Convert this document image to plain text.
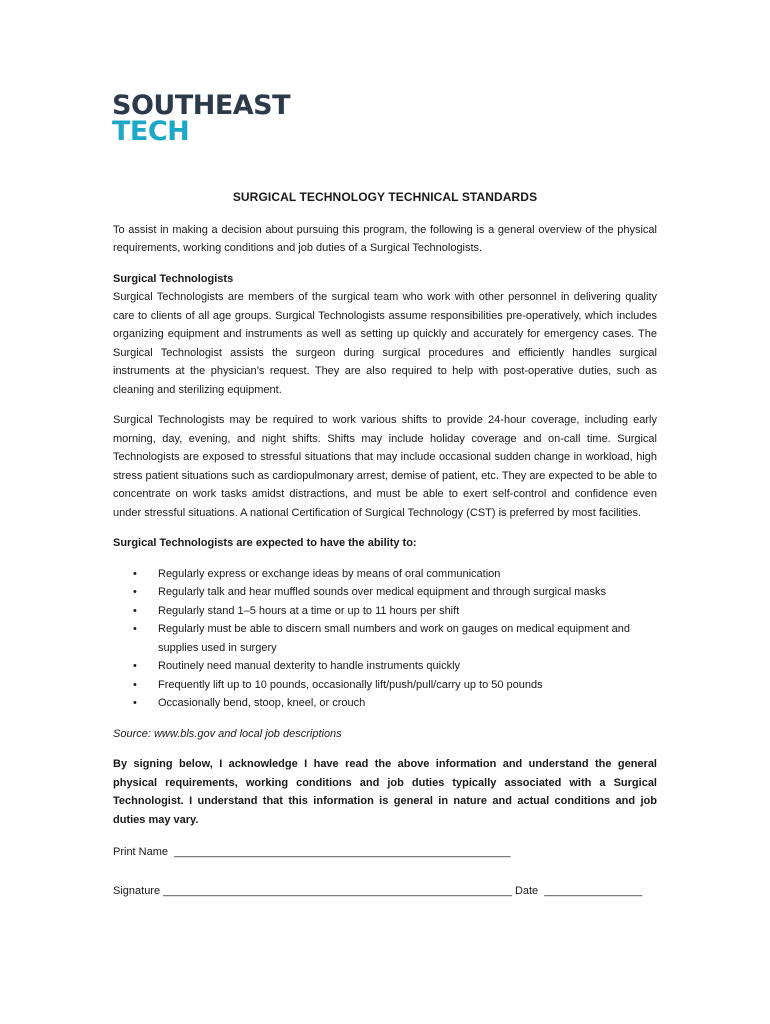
SOUTHEAST
TECH
SURGICAL TECHNOLOGY TECHNICAL STANDARDS

To assist in making a decision about pursuing this program, the following is a general overview of the physical requirements, working conditions and job duties of a Surgical Technologists.

Surgical Technologists
Surgical Technologists are members of the surgical team who work with other personnel in delivering quality care to clients of all age groups. Surgical Technologists assume responsibilities pre-operatively, which includes organizing equipment and instruments as well as setting up quickly and accurately for emergency cases. The Surgical Technologist assists the surgeon during surgical procedures and efficiently handles surgical instruments at the physician’s request. They are also required to help with post-operative duties, such as cleaning and sterilizing equipment.

Surgical Technologists may be required to work various shifts to provide 24-hour coverage, including early morning, day, evening, and night shifts. Shifts may include holiday coverage and on-call time. Surgical Technologists are exposed to stressful situations that may include occasional sudden change in workload, high stress patient situations such as cardiopulmonary arrest, demise of patient, etc. They are expected to be able to concentrate on work tasks amidst distractions, and must be able to exert self-control and confidence even under stressful situations. A national Certification of Surgical Technology (CST) is preferred by most facilities.

Surgical Technologists are expected to have the ability to:
• Regularly express or exchange ideas by means of oral communication
• Regularly talk and hear muffled sounds over medical equipment and through surgical masks
• Regularly stand 1–5 hours at a time or up to 11 hours per shift
• Regularly must be able to discern small numbers and work on gauges on medical equipment and supplies used in surgery
• Routinely need manual dexterity to handle instruments quickly
• Frequently lift up to 10 pounds, occasionally lift/push/pull/carry up to 50 pounds
• Occasionally bend, stoop, kneel, or crouch
Source: www.bls.gov and local job descriptions
By signing below, I acknowledge I have read the above information and understand the general physical requirements, working conditions and job duties typically associated with a Surgical Technologist. I understand that this information is general in nature and actual conditions and job duties may vary.
Print Name _______________________________________________________
Signature _________________________________________________________ Date ________________
